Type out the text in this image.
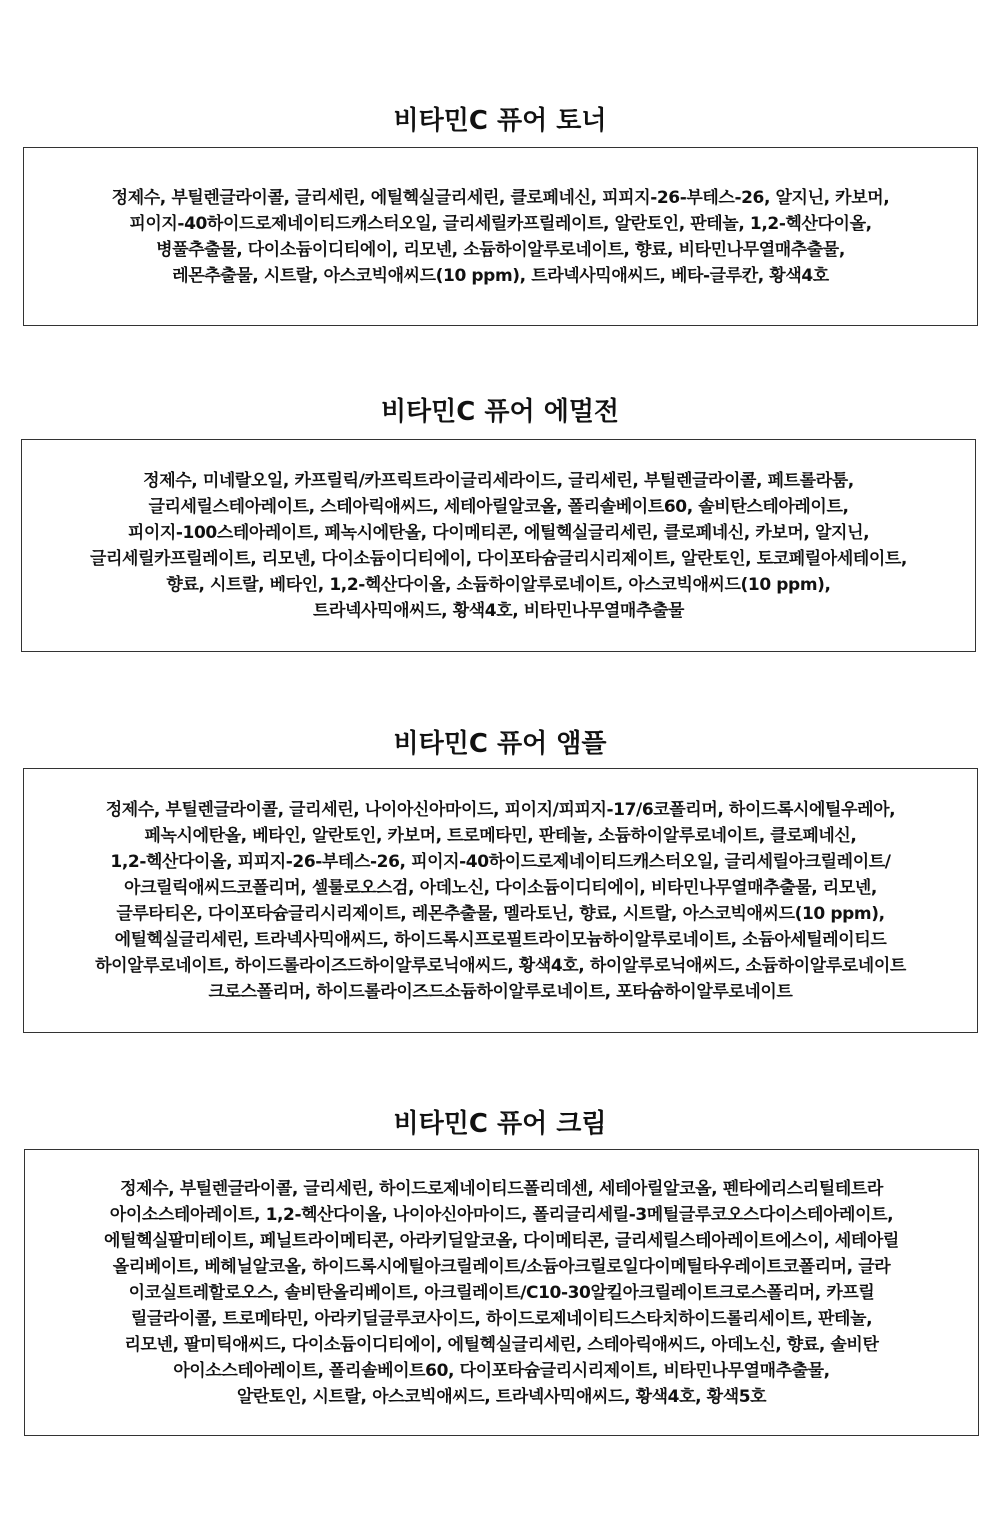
비타민C 퓨어 토너
정제수, 부틸렌글라이콜, 글리세린, 에틸헥실글리세린, 클로페네신, 피피지-26-부테스-26, 알지닌, 카보머,
피이지-40하이드로제네이티드캐스터오일, 글리세릴카프릴레이트, 알란토인, 판테놀, 1,2-헥산다이올,
병풀추출물, 다이소듐이디티에이, 리모넨, 소듐하이알루로네이트, 향료, 비타민나무열매추출물,
레몬추출물, 시트랄, 아스코빅애씨드(10 ppm), 트라넥사믹애씨드, 베타-글루칸, 황색4호
비타민C 퓨어 에멀전
정제수, 미네랄오일, 카프릴릭/카프릭트라이글리세라이드, 글리세린, 부틸렌글라이콜, 페트롤라툼,
글리세릴스테아레이트, 스테아릭애씨드, 세테아릴알코올, 폴리솔베이트60, 솔비탄스테아레이트,
피이지-100스테아레이트, 페녹시에탄올, 다이메티콘, 에틸헥실글리세린, 클로페네신, 카보머, 알지닌,
글리세릴카프릴레이트, 리모넨, 다이소듐이디티에이, 다이포타슘글리시리제이트, 알란토인, 토코페릴아세테이트,
향료, 시트랄, 베타인, 1,2-헥산다이올, 소듐하이알루로네이트, 아스코빅애씨드(10 ppm),
트라넥사믹애씨드, 황색4호, 비타민나무열매추출물
비타민C 퓨어 앰플
정제수, 부틸렌글라이콜, 글리세린, 나이아신아마이드, 피이지/피피지-17/6코폴리머, 하이드록시에틸우레아,
페녹시에탄올, 베타인, 알란토인, 카보머, 트로메타민, 판테놀, 소듐하이알루로네이트, 클로페네신,
1,2-헥산다이올, 피피지-26-부테스-26, 피이지-40하이드로제네이티드캐스터오일, 글리세릴아크릴레이트/
아크릴릭애씨드코폴리머, 셀룰로오스검, 아데노신, 다이소듐이디티에이, 비타민나무열매추출물, 리모넨,
글루타티온, 다이포타슘글리시리제이트, 레몬추출물, 멜라토닌, 향료, 시트랄, 아스코빅애씨드(10 ppm),
에틸헥실글리세린, 트라넥사믹애씨드, 하이드록시프로필트라이모늄하이알루로네이트, 소듐아세틸레이티드
하이알루로네이트, 하이드롤라이즈드하이알루로닉애씨드, 황색4호, 하이알루로닉애씨드, 소듐하이알루로네이트
크로스폴리머, 하이드롤라이즈드소듐하이알루로네이트, 포타슘하이알루로네이트
비타민C 퓨어 크림
정제수, 부틸렌글라이콜, 글리세린, 하이드로제네이티드폴리데센, 세테아릴알코올, 펜타에리스리틸테트라
아이소스테아레이트, 1,2-헥산다이올, 나이아신아마이드, 폴리글리세릴-3메틸글루코오스다이스테아레이트,
에틸헥실팔미테이트, 페닐트라이메티콘, 아라키딜알코올, 다이메티콘, 글리세릴스테아레이트에스이, 세테아릴
올리베이트, 베헤닐알코올, 하이드록시에틸아크릴레이트/소듐아크릴로일다이메틸타우레이트코폴리머, 글라
이코실트레할로오스, 솔비탄올리베이트, 아크릴레이트/C10-30알킬아크릴레이트크로스폴리머, 카프릴
릴글라이콜, 트로메타민, 아라키딜글루코사이드, 하이드로제네이티드스타치하이드롤리세이트, 판테놀,
리모넨, 팔미틱애씨드, 다이소듐이디티에이, 에틸헥실글리세린, 스테아릭애씨드, 아데노신, 향료, 솔비탄
아이소스테아레이트, 폴리솔베이트60, 다이포타슘글리시리제이트, 비타민나무열매추출물,
알란토인, 시트랄, 아스코빅애씨드, 트라넥사믹애씨드, 황색4호, 황색5호
